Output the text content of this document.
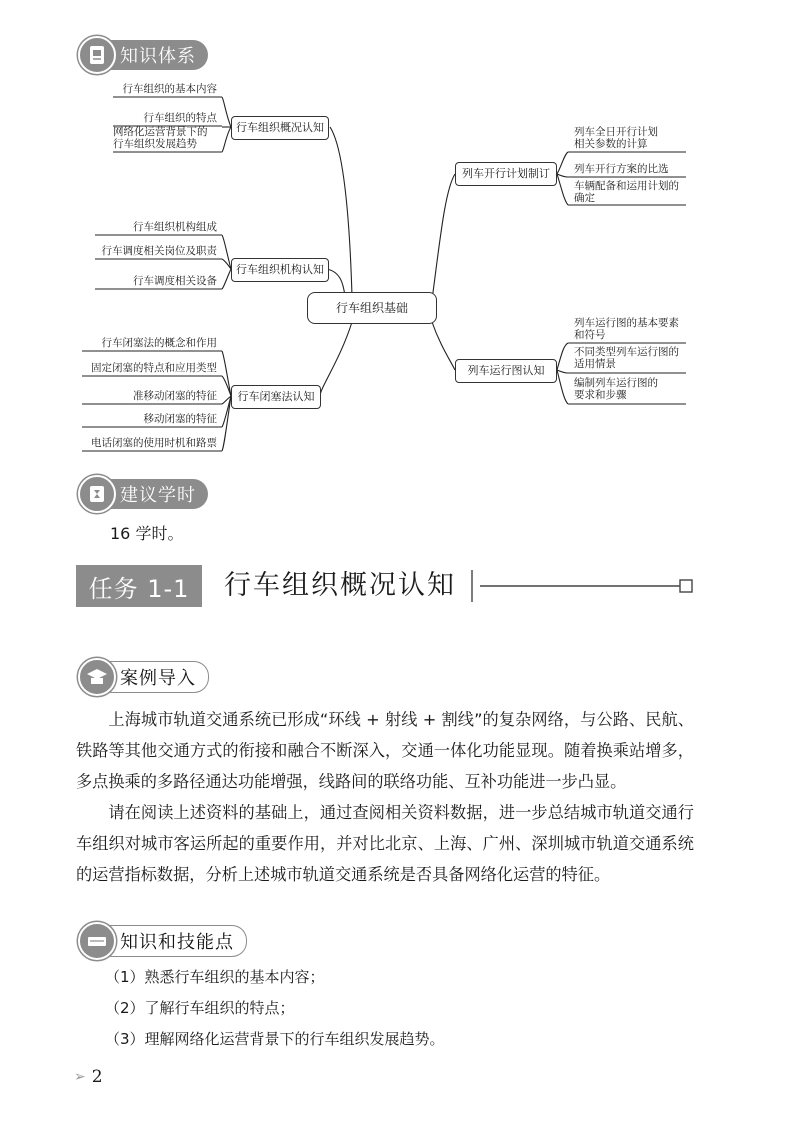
知识体系
行车组织基础
行车组织概况认知
行车组织机构认知
行车闭塞法认知
列车开行计划制订
列车运行图认知
行车组织的基本内容
行车组织的特点
网络化运营背景下的
行车组织发展趋势
行车组织机构组成
行车调度相关岗位及职责
行车调度相关设备
行车闭塞法的概念和作用
固定闭塞的特点和应用类型
准移动闭塞的特征
移动闭塞的特征
电话闭塞的使用时机和路票
列车全日开行计划
相关参数的计算
列车开行方案的比选
车辆配备和运用计划的
确定
列车运行图的基本要素
和符号
不同类型列车运行图的
适用情景
编制列车运行图的
要求和步骤
建议学时
16 学时。
任务 1-1	行车组织概况认知
案例导入

上海城市轨道交通系统已形成“环线 + 射线 + 割线”的复杂网络，与公路、民航、铁路等其他交通方式的衔接和融合不断深入，交通一体化功能显现。随着换乘站增多，多点换乘的多路径通达功能增强，线路间的联络功能、互补功能进一步凸显。

请在阅读上述资料的基础上，通过查阅相关资料数据，进一步总结城市轨道交通行车组织对城市客运所起的重要作用，并对比北京、上海、广州、深圳城市轨道交通系统的运营指标数据，分析上述城市轨道交通系统是否具备网络化运营的特征。

知识和技能点
（1）熟悉行车组织的基本内容；
（2）了解行车组织的特点；
（3）理解网络化运营背景下的行车组织发展趋势。
➢ 2
